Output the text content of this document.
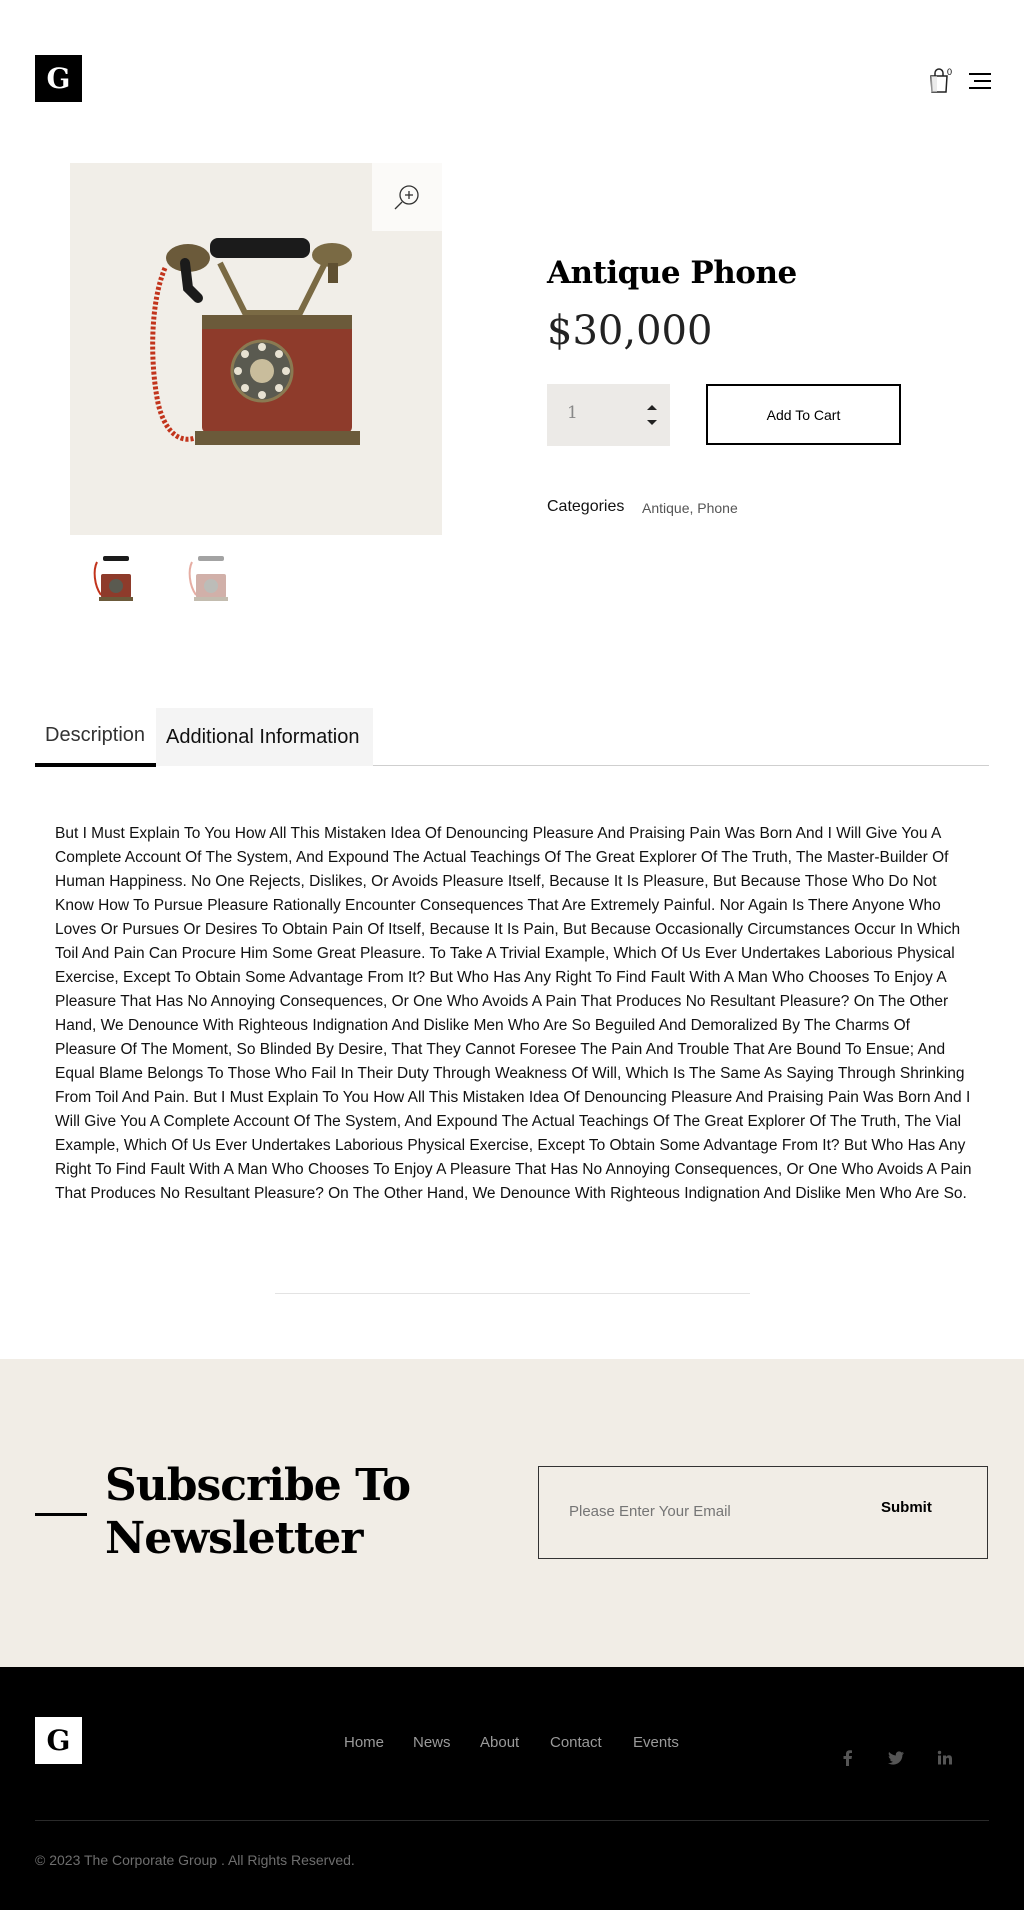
G	0
Antique Phone
$30,000
1	Add To Cart
Categories Antique, Phone
Description	Additional Information

But I Must Explain To You How All This Mistaken Idea Of Denouncing Pleasure And Praising Pain Was Born And I Will Give You A Complete Account Of The System, And Expound The Actual Teachings Of The Great Explorer Of The Truth, The Master-Builder Of Human Happiness. No One Rejects, Dislikes, Or Avoids Pleasure Itself, Because It Is Pleasure, But Because Those Who Do Not Know How To Pursue Pleasure Rationally Encounter Consequences That Are Extremely Painful. Nor Again Is There Anyone Who Loves Or Pursues Or Desires To Obtain Pain Of Itself, Because It Is Pain, But Because Occasionally Circumstances Occur In Which Toil And Pain Can Procure Him Some Great Pleasure. To Take A Trivial Example, Which Of Us Ever Undertakes Laborious Physical Exercise, Except To Obtain Some Advantage From It? But Who Has Any Right To Find Fault With A Man Who Chooses To Enjoy A Pleasure That Has No Annoying Consequences, Or One Who Avoids A Pain That Produces No Resultant Pleasure? On The Other Hand, We Denounce With Righteous Indignation And Dislike Men Who Are So Beguiled And Demoralized By The Charms Of Pleasure Of The Moment, So Blinded By Desire, That They Cannot Foresee The Pain And Trouble That Are Bound To Ensue; And Equal Blame Belongs To Those Who Fail In Their Duty Through Weakness Of Will, Which Is The Same As Saying Through Shrinking From Toil And Pain. But I Must Explain To You How All This Mistaken Idea Of Denouncing Pleasure And Praising Pain Was Born And I Will Give You A Complete Account Of The System, And Expound The Actual Teachings Of The Great Explorer Of The Truth, The Vial Example, Which Of Us Ever Undertakes Laborious Physical Exercise, Except To Obtain Some Advantage From It? But Who Has Any Right To Find Fault With A Man Who Chooses To Enjoy A Pleasure That Has No Annoying Consequences, Or One Who Avoids A Pain That Produces No Resultant Pleasure? On The Other Hand, We Denounce With Righteous Indignation And Dislike Men Who Are So.

Subscribe To Newsletter
Please Enter Your Email
Submit
G	Home News About Contact Events

© 2023 The Corporate Group . All Rights Reserved.
